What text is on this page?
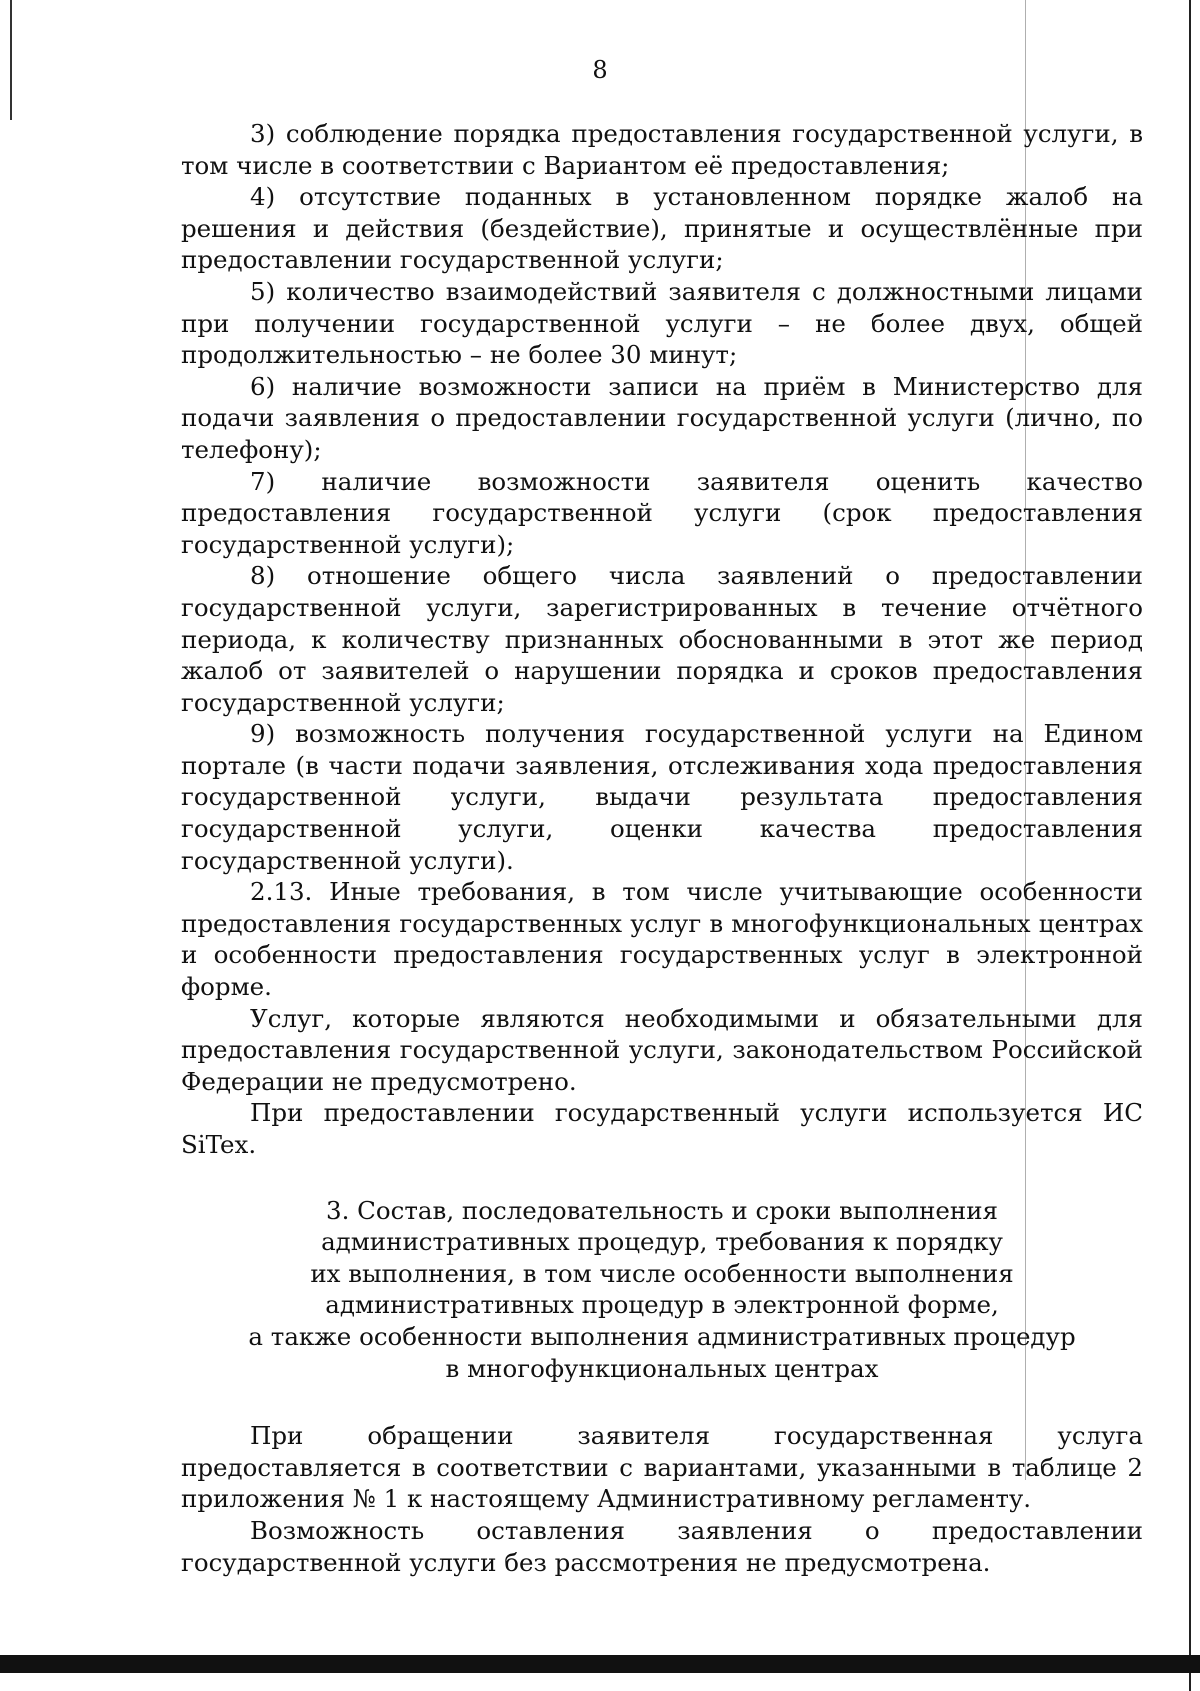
8

3) соблюдение порядка предоставления государственной услуги, в том числе в соответствии с Вариантом её предоставления;

4) отсутствие поданных в установленном порядке жалоб на решения и действия (бездействие), принятые и осуществлённые при предоставлении государственной услуги;

5) количество взаимодействий заявителя с должностными лицами при получении государственной услуги – не более двух, общей продолжительностью – не более 30 минут;

6) наличие возможности записи на приём в Министерство для подачи заявления о предоставлении государственной услуги (лично, по телефону);

7) наличие возможности заявителя оценить качество предоставления государственной услуги (срок предоставления государственной услуги);

8) отношение общего числа заявлений о предоставлении государственной услуги, зарегистрированных в течение отчётного периода, к количеству признанных обоснованными в этот же период жалоб от заявителей о нарушении порядка и сроков предоставления государственной услуги;

9) возможность получения государственной услуги на Едином портале (в части подачи заявления, отслеживания хода предоставления государственной услуги, выдачи результата предоставления государственной услуги, оценки качества предоставления государственной услуги).

2.13. Иные требования, в том числе учитывающие особенности предоставления государственных услуг в многофункциональных центрах и особенности предоставления государственных услуг в электронной форме.

Услуг, которые являются необходимыми и обязательными для предоставления государственной услуги, законодательством Российской Федерации не предусмотрено.

При предоставлении государственный услуги используется ИС SiTex.

3. Состав, последовательность и сроки выполнения
административных процедур, требования к порядку
их выполнения, в том числе особенности выполнения
административных процедур в электронной форме,
а также особенности выполнения административных процедур
в многофункциональных центрах

При обращении заявителя государственная услуга предоставляется в соответствии с вариантами, указанными в таблице 2 приложения № 1 к настоящему Административному регламенту.

Возможность оставления заявления о предоставлении государственной услуги без рассмотрения не предусмотрена.
